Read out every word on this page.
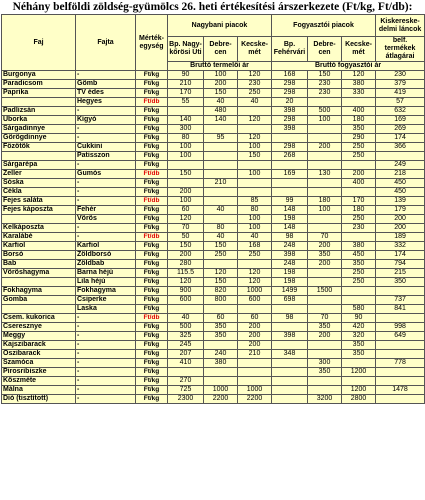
Néhány belföldi zöldség-gyümölcs 26. heti értékesítési árszerkezete (Ft/kg, Ft/db):
Faj	Fajta	Mérték-egység	Nagybani piacok			Fogyasztói piacok			Kiskereske-delmi láncok
			Bp. Nagy-kőrösi Úti	Debre-cen	Kecske-mét	Bp. Fehérvári	Debre-cen	Kecske-mét	belf. termékek átlagárai
			Bruttó termelői ár			Bruttó fogyasztói ár			
Burgonya	-	Ft/kg	90	100	120	168	150	120	230
Paradicsom	Gömb	Ft/kg	210	200	230	298	230	380	379
Paprika	TV édes	Ft/kg	170	150	250	298	230	330	419
	Hegyes	Ft/db	55	40	40	20			57
Padlizsán	-	Ft/kg		480		398	500	400	632
Uborka	Kígyó	Ft/kg	140	140	120	298	100	180	169
Sárgadinnye	-	Ft/kg	300			398		350	269
Görögdinnye	-	Ft/kg	80	95	120			290	174
Főzőtök	Cukkini	Ft/kg	100		100	298	200	250	366
	Patisszon	Ft/kg	100		150	268		250	
Sárgarépa	-	Ft/kg							249
Zeller	Gumós	Ft/db	150		100	169	130	200	218
Sóska	-	Ft/kg		210				400	450
Cékla	-	Ft/kg	200						450
Fejes saláta	-	Ft/db	100		85	99	180	170	139
Fejes káposzta	Fehér	Ft/kg	60	40	80	148	100	180	179
	Vörös	Ft/kg	120		100	198		250	200
Kelkáposzta	-	Ft/kg	70	80	100	148		230	200
Karalábé	-	Ft/db	50	40	40	98	70		189
Karfiol	Karfiol	Ft/kg	150	150	168	248	200	380	332
Borsó	Zöldborsó	Ft/kg	200	250	250	398	350	450	174
Bab	Zöldbab	Ft/kg	280			248	200	350	794
Vöröshagyma	Barna héjú	Ft/kg	115.5	120	120	198		250	215
	Lila héjú	Ft/kg	120	150	120	198		250	350
Fokhagyma	Fokhagyma	Ft/kg	900	820	1000	1499	1500		
Gomba	Csiperke	Ft/kg	600	800	600	698			737
	Laska	Ft/kg						580	841
Csem. kukorica	-	Ft/db	40	60	60	98	70	90	
Cseresznye	-	Ft/kg	500	350	200		350	420	998
Meggy	-	Ft/kg	325	350	200	398	200	320	649
Kajszibarack	-	Ft/kg	245		200			350	
Őszibarack	-	Ft/kg	207	240	210	348		350	
Szamóca	-	Ft/kg	410	380			300		778
Pirosribiszke	-	Ft/kg					350	1200	
Köszméte	-	Ft/kg	270						
Málna	-	Ft/kg	725	1000	1000			1200	1478
Dió (tisztított)	-	Ft/kg	2300	2200	2200		3200	2800	
